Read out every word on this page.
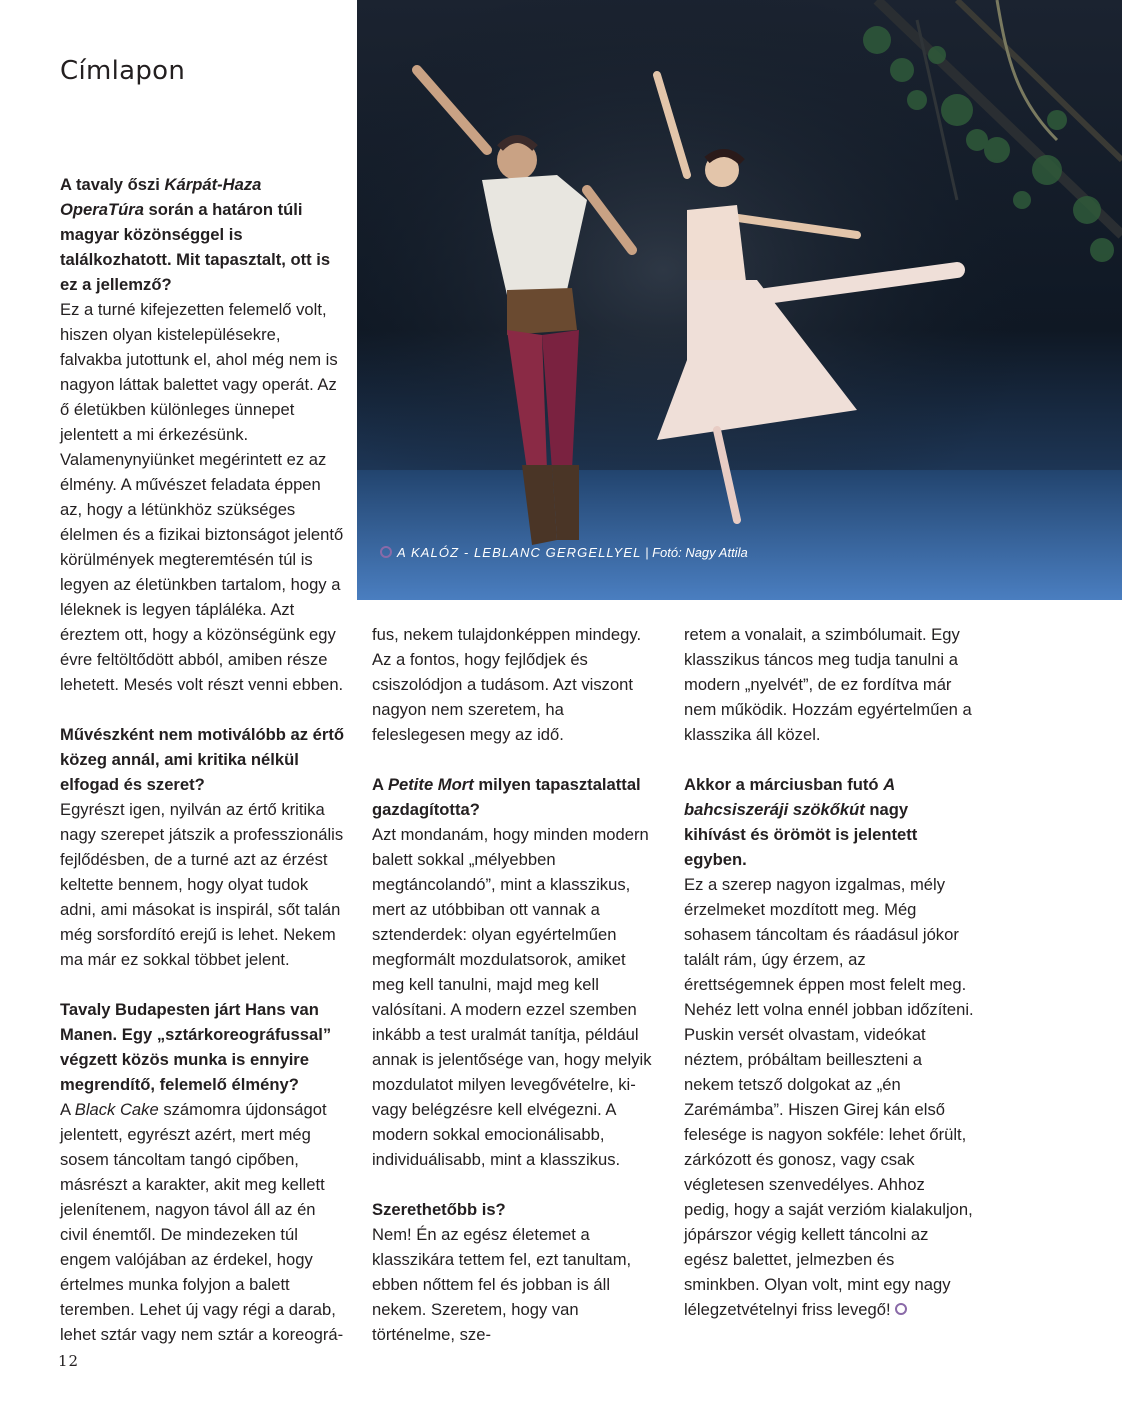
Címlapon
A KALÓZ - LEBLANC GERGELLYEL | Fotó: Nagy Attila

A tavaly őszi Kárpát-Haza OperaTúra során a határon túli magyar közönséggel is találkozhatott. Mit tapasztalt, ott is ez a jellemző?

Ez a turné kifejezetten felemelő volt, hiszen olyan kistelepülésekre, falvakba jutottunk el, ahol még nem is nagyon láttak balettet vagy operát. Az ő életükben különleges ünnepet jelentett a mi érkezésünk. Valamenynyiünket megérintett ez az élmény. A művészet feladata éppen az, hogy a létünkhöz szükséges élelmen és a fizikai biztonságot jelentő körülmények megteremtésén túl is legyen az életünkben tartalom, hogy a léleknek is legyen tápláléka. Azt éreztem ott, hogy a közönségünk egy évre feltöltődött abból, amiben része lehetett. Mesés volt részt venni ebben.

Művészként nem motiválóbb az értő közeg annál, ami kritika nélkül elfogad és szeret?

Egyrészt igen, nyilván az értő kritika nagy szerepet játszik a professzionális fejlődésben, de a turné azt az érzést keltette bennem, hogy olyat tudok adni, ami másokat is inspirál, sőt talán még sorsfordító erejű is lehet. Nekem ma már ez sokkal többet jelent.

Tavaly Budapesten járt Hans van Manen. Egy „sztárkoreográfussal” végzett közös munka is ennyire megrendítő, felemelő élmény?

A Black Cake számomra újdonságot jelentett, egyrészt azért, mert még sosem táncoltam tangó cipőben, másrészt a karakter, akit meg kellett jelenítenem, nagyon távol áll az én civil énemtől. De mindezeken túl engem valójában az érdekel, hogy értelmes munka folyjon a balett teremben. Lehet új vagy régi a darab, lehet sztár vagy nem sztár a koreográ-

fus, nekem tulajdonképpen mindegy. Az a fontos, hogy fejlődjek és csiszolódjon a tudásom. Azt viszont nagyon nem szeretem, ha feleslegesen megy az idő.

A Petite Mort milyen tapasztalattal gazdagította?

Azt mondanám, hogy minden modern balett sokkal „mélyebben megtáncolandó”, mint a klasszikus, mert az utóbbiban ott vannak a sztenderdek: olyan egyértelműen megformált mozdulatsorok, amiket meg kell tanulni, majd meg kell valósítani. A modern ezzel szemben inkább a test uralmát tanítja, például annak is jelentősége van, hogy melyik mozdulatot milyen levegővételre, ki- vagy belégzésre kell elvégezni. A modern sokkal emocionálisabb, individuálisabb, mint a klasszikus.

Szerethetőbb is?

Nem! Én az egész életemet a klasszikára tettem fel, ezt tanultam, ebben nőttem fel és jobban is áll nekem. Szeretem, hogy van történelme, sze-

retem a vonalait, a szimbólumait. Egy klasszikus táncos meg tudja tanulni a modern „nyelvét”, de ez fordítva már nem működik. Hozzám egyértelműen a klasszika áll közel.

Akkor a márciusban futó A bahcsiszeráji szökőkút nagy kihívást és örömöt is jelentett egyben.

Ez a szerep nagyon izgalmas, mély érzelmeket mozdított meg. Még sohasem táncoltam és ráadásul jókor talált rám, úgy érzem, az érettségemnek éppen most felelt meg. Nehéz lett volna ennél jobban időzíteni. Puskin versét olvastam, videókat néztem, próbáltam beilleszteni a nekem tetsző dolgokat az „én Zarémámba”. Hiszen Girej kán első felesége is nagyon sokféle: lehet őrült, zárkózott és gonosz, vagy csak végletesen szenvedélyes. Ahhoz pedig, hogy a saját verzióm kialakuljon, jópárszor végig kellett táncolni az egész balettet, jelmezben és sminkben. Olyan volt, mint egy nagy lélegzetvételnyi friss levegő!

12
